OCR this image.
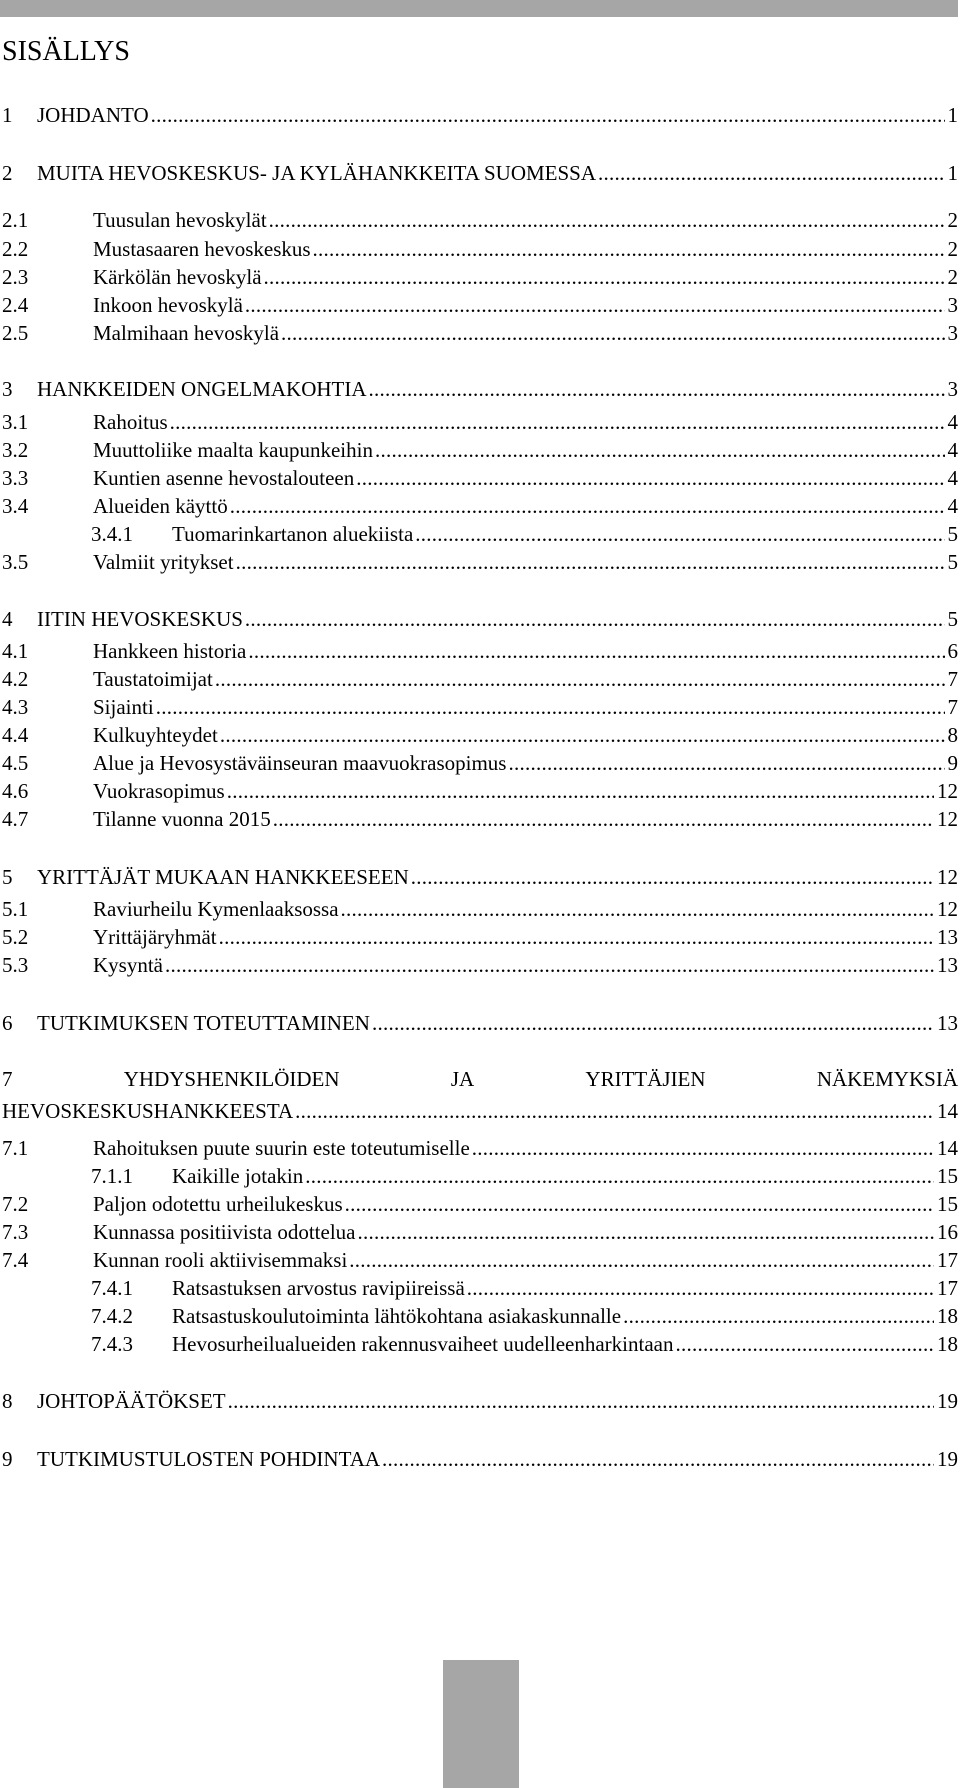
SISÄLLYS
1	JOHDANTO . . .	1
2	MUITA HEVOSKESKUS- JA KYLÄHANKKEITA SUOMESSA . . .	1
2.1	Tuusulan hevoskylät . . .	2
2.2	Mustasaaren hevoskeskus . . .	2
2.3	Kärkölän hevoskylä . . .	2
2.4	Inkoon hevoskylä . . .	3
2.5	Malmihaan hevoskylä . . .	3
3	HANKKEIDEN ONGELMAKOHTIA . . .	3
3.1	Rahoitus . . .	4
3.2	Muuttoliike maalta kaupunkeihin . . .	4
3.3	Kuntien asenne hevostalouteen . . .	4
3.4	Alueiden käyttö . . .	4
3.4.1	Tuomarinkartanon aluekiista . . .	5
3.5	Valmiit yritykset . . .	5
4	IITIN HEVOSKESKUS . . .	5
4.1	Hankkeen historia . . .	6
4.2	Taustatoimijat . . .	7
4.3	Sijainti . . .	7
4.4	Kulkuyhteydet . . .	8
4.5	Alue ja Hevosystäväinseuran maavuokrasopimus . . .	9
4.6	Vuokrasopimus . . .	12
4.7	Tilanne vuonna 2015 . . .	12
5	YRITTÄJÄT MUKAAN HANKKEESEEN . . .	12
5.1	Raviurheilu Kymenlaaksossa . . .	12
5.2	Yrittäjäryhmät . . .	13
5.3	Kysyntä . . .	13
6	TUTKIMUKSEN TOTEUTTAMINEN . . .	13
7	YHDYSHENKILÖIDEN	JA	YRITTÄJIEN	NÄKEMYKSIÄ
HEVOSKESKUSHANKKEESTA . . .	14
7.1	Rahoituksen puute suurin este toteutumiselle . . .	14
7.1.1	Kaikille jotakin . . .	15
7.2	Paljon odotettu urheilukeskus . . .	15
7.3	Kunnassa positiivista odottelua . . .	16
7.4	Kunnan rooli aktiivisemmaksi . . .	17
7.4.1	Ratsastuksen arvostus ravipiireissä . . .	17
7.4.2	Ratsastuskoulutoiminta lähtökohtana asiakaskunnalle . . .	18
7.4.3	Hevosurheilualueiden rakennusvaiheet uudelleenharkintaan . . .	18
8	JOHTOPÄÄTÖKSET . . .	19
9	TUTKIMUSTULOSTEN POHDINTAA . . .	19
